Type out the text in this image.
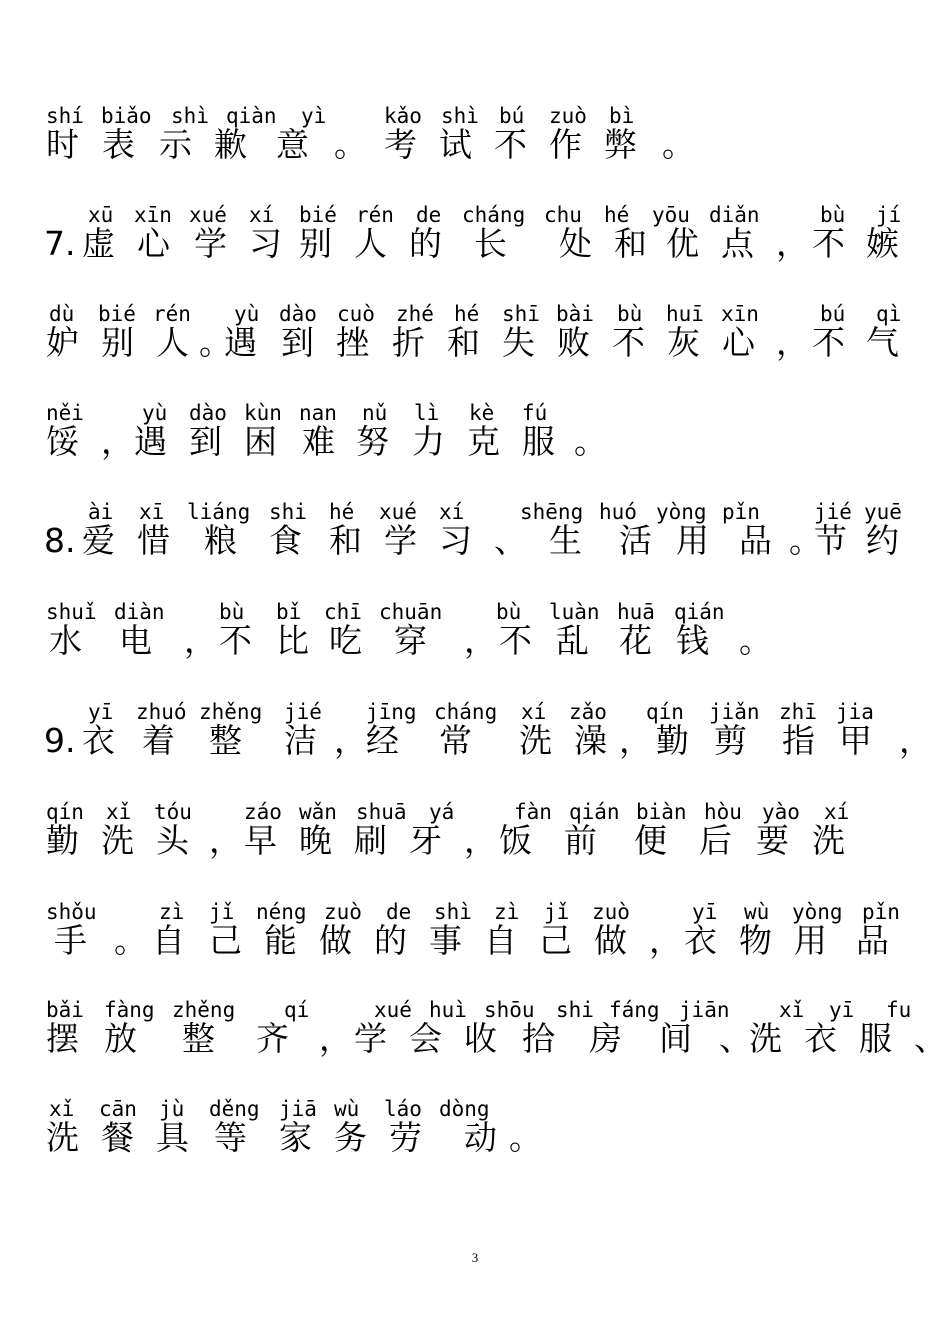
shí biǎo shì qiàn yì	kǎo shì bú zuò bì
时 表 示 歉 意 。 考 试 不 作 弊 。
xū xīn xué xí bié rén de cháng chu hé yōu diǎn	bù jí
7. 虚 心 学 习 别 人 的 长 处 和 优 点 ， 不 嫉
dù bié rén yù dào cuò zhé hé shī bài bù huī xīn	bú qì
妒 别 人 。
遇 到 挫 折 和 失 败 不 灰 心 ， 不 气
něi	yù dào kùn nan nǔ lì kè fú
馁 ， 遇 到 困 难 努 力 克 服 。
ài xī liáng shi hé xué xí	shēng huó yòng pǐn	jié yuē
8. 爱 惜 粮 食 和 学 习 、 生 活 用 品 。
节 约
shuǐ diàn	bù bǐ chī chuān	bù luàn huā qián
水 电 ， 不 比 吃 穿 ， 不 乱 花 钱 。
yī zhuó zhěng jié jīng cháng xí zǎo qín jiǎn zhī jia
9. 衣 着 整 洁 ， 经 常 洗 澡 ， 勤 剪 指 甲 ，
qín xǐ tóu záo wǎn shuā yá	fàn qián biàn hòu yào xí
勤 洗 头 ， 早 晚 刷 牙 ， 饭 前 便 后 要 洗
shǒu	zì jǐ néng zuò de shì zì jǐ zuò	yī wù yòng pǐn
手 。 自 己 能 做 的 事 自 己 做 ， 衣 物 用 品
bǎi fàng zhěng qí	xué huì shōu shi fáng jiān xǐ yī fu
摆 放 整 齐 ， 学 会 收 拾 房 间 、
洗 衣 服 、
xǐ cān jù děng jiā wù láo dòng
洗 餐 具 等 家 务 劳 动 。
3
